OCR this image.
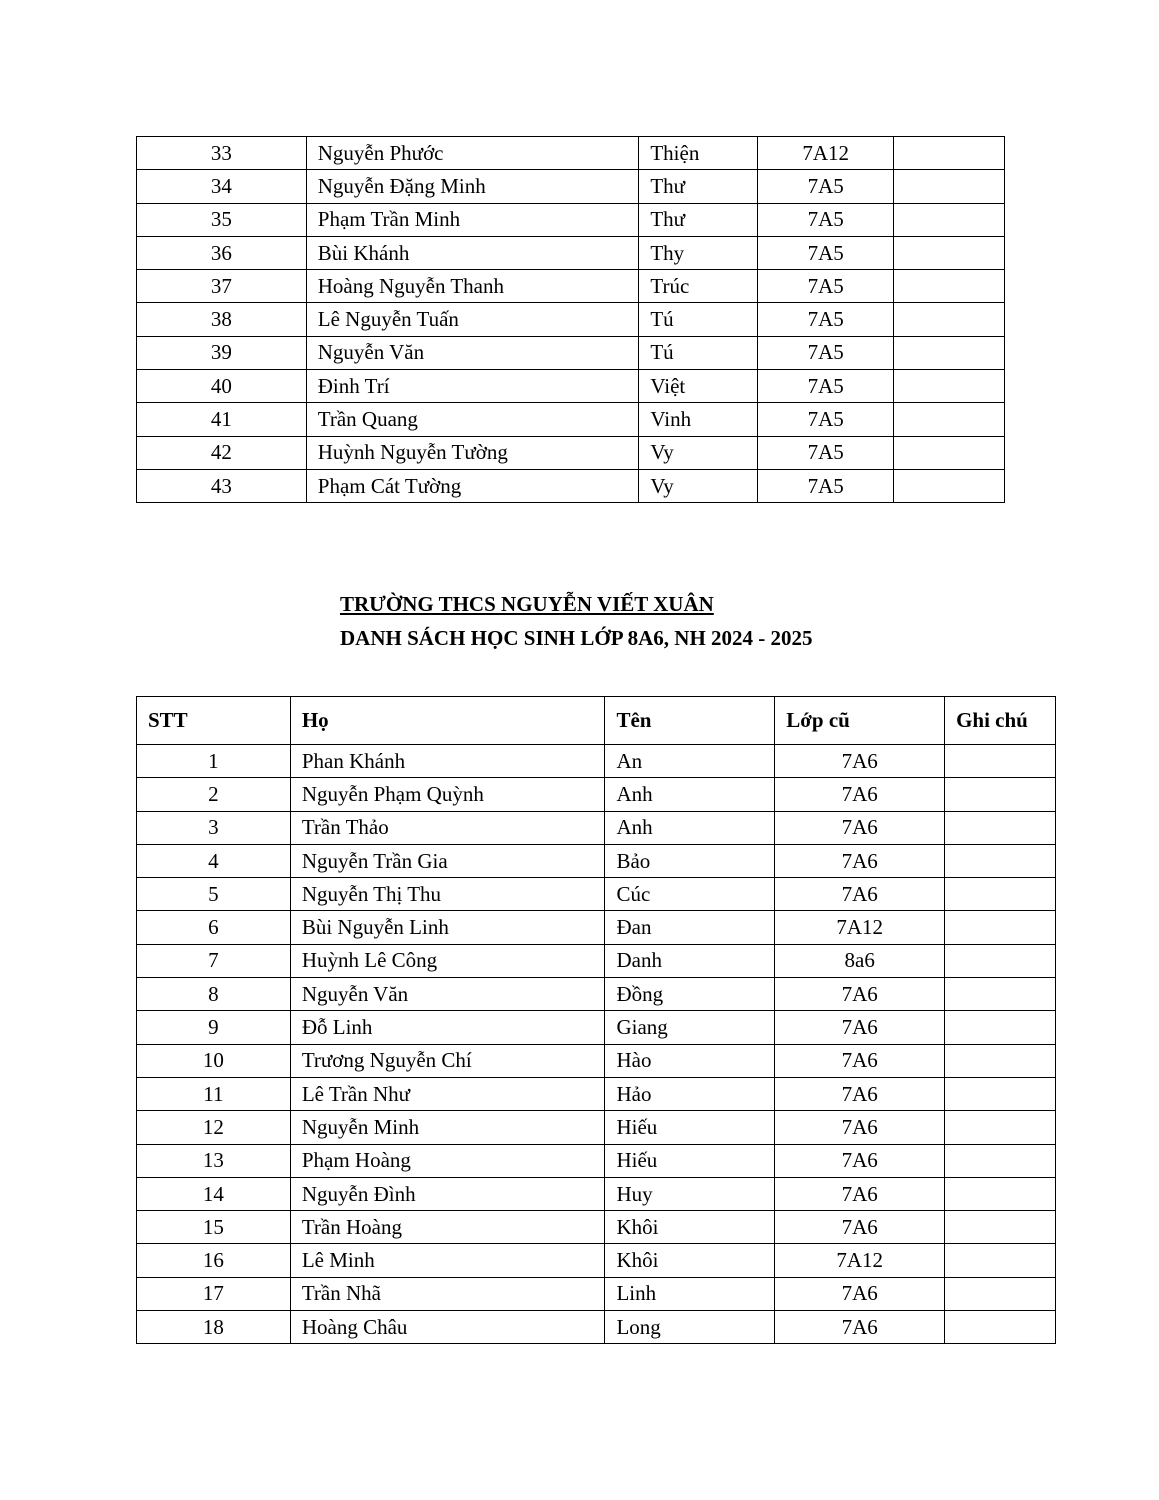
33	Nguyễn Phước	Thiện	7A12	
34	Nguyễn Đặng Minh	Thư	7A5	
35	Phạm Trần Minh	Thư	7A5	
36	Bùi Khánh	Thy	7A5	
37	Hoàng Nguyễn Thanh	Trúc	7A5	
38	Lê Nguyễn Tuấn	Tú	7A5	
39	Nguyễn Văn	Tú	7A5	
40	Đinh Trí	Việt	7A5	
41	Trần Quang	Vinh	7A5	
42	Huỳnh Nguyễn Tường	Vy	7A5	
43	Phạm Cát Tường	Vy	7A5	
TRƯỜNG THCS NGUYỄN VIẾT XUÂN
DANH SÁCH HỌC SINH LỚP 8A6, NH 2024 - 2025
STT	Họ	Tên	Lớp cũ	Ghi chú
1	Phan Khánh	An	7A6	
2	Nguyễn Phạm Quỳnh	Anh	7A6	
3	Trần Thảo	Anh	7A6	
4	Nguyễn Trần Gia	Bảo	7A6	
5	Nguyễn Thị Thu	Cúc	7A6	
6	Bùi Nguyễn Linh	Đan	7A12	
7	Huỳnh Lê Công	Danh	8a6	
8	Nguyễn Văn	Đồng	7A6	
9	Đỗ Linh	Giang	7A6	
10	Trương Nguyễn Chí	Hào	7A6	
11	Lê Trần Như	Hảo	7A6	
12	Nguyễn Minh	Hiếu	7A6	
13	Phạm Hoàng	Hiếu	7A6	
14	Nguyễn Đình	Huy	7A6	
15	Trần Hoàng	Khôi	7A6	
16	Lê Minh	Khôi	7A12	
17	Trần Nhã	Linh	7A6	
18	Hoàng Châu	Long	7A6	
